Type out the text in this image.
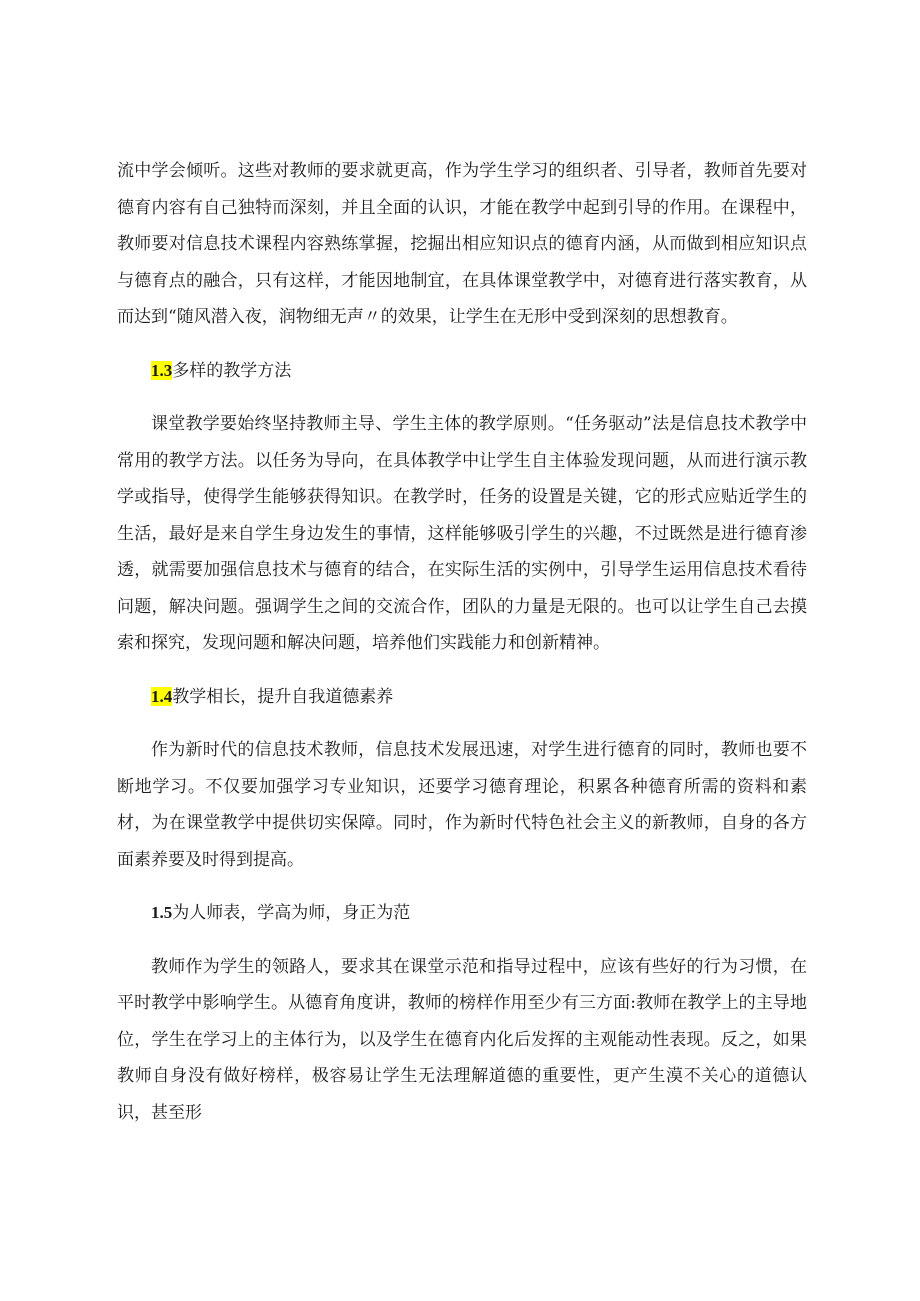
流中学会倾听。这些对教师的要求就更高，作为学生学习的组织者、引导者，教师首先要对德育内容有自己独特而深刻，并且全面的认识，才能在教学中起到引导的作用。在课程中，教师要对信息技术课程内容熟练掌握，挖掘出相应知识点的德育内涵，从而做到相应知识点与德育点的融合，只有这样，才能因地制宜，在具体课堂教学中，对德育进行落实教育，从而达到“随风潜入夜，润物细无声〃的效果，让学生在无形中受到深刻的思想教育。

1.3多样的教学方法

课堂教学要始终坚持教师主导、学生主体的教学原则。“任务驱动”法是信息技术教学中常用的教学方法。以任务为导向，在具体教学中让学生自主体验发现问题，从而进行演示教学或指导，使得学生能够获得知识。在教学时，任务的设置是关键，它的形式应贴近学生的生活，最好是来自学生身边发生的事情，这样能够吸引学生的兴趣，不过既然是进行德育渗透，就需要加强信息技术与德育的结合，在实际生活的实例中，引导学生运用信息技术看待问题，解决问题。强调学生之间的交流合作，团队的力量是无限的。也可以让学生自己去摸索和探究，发现问题和解决问题，培养他们实践能力和创新精神。

1.4教学相长，提升自我道德素养

作为新时代的信息技术教师，信息技术发展迅速，对学生进行德育的同时，教师也要不断地学习。不仅要加强学习专业知识，还要学习德育理论，积累各种德育所需的资料和素材，为在课堂教学中提供切实保障。同时，作为新时代特色社会主义的新教师，自身的各方面素养要及时得到提高。

1.5为人师表，学高为师，身正为范

教师作为学生的领路人，要求其在课堂示范和指导过程中，应该有些好的行为习惯，在平时教学中影响学生。从德育角度讲，教师的榜样作用至少有三方面:教师在教学上的主导地位，学生在学习上的主体行为，以及学生在德育内化后发挥的主观能动性表现。反之，如果教师自身没有做好榜样，极容易让学生无法理解道德的重要性，更产生漠不关心的道德认识，甚至形
